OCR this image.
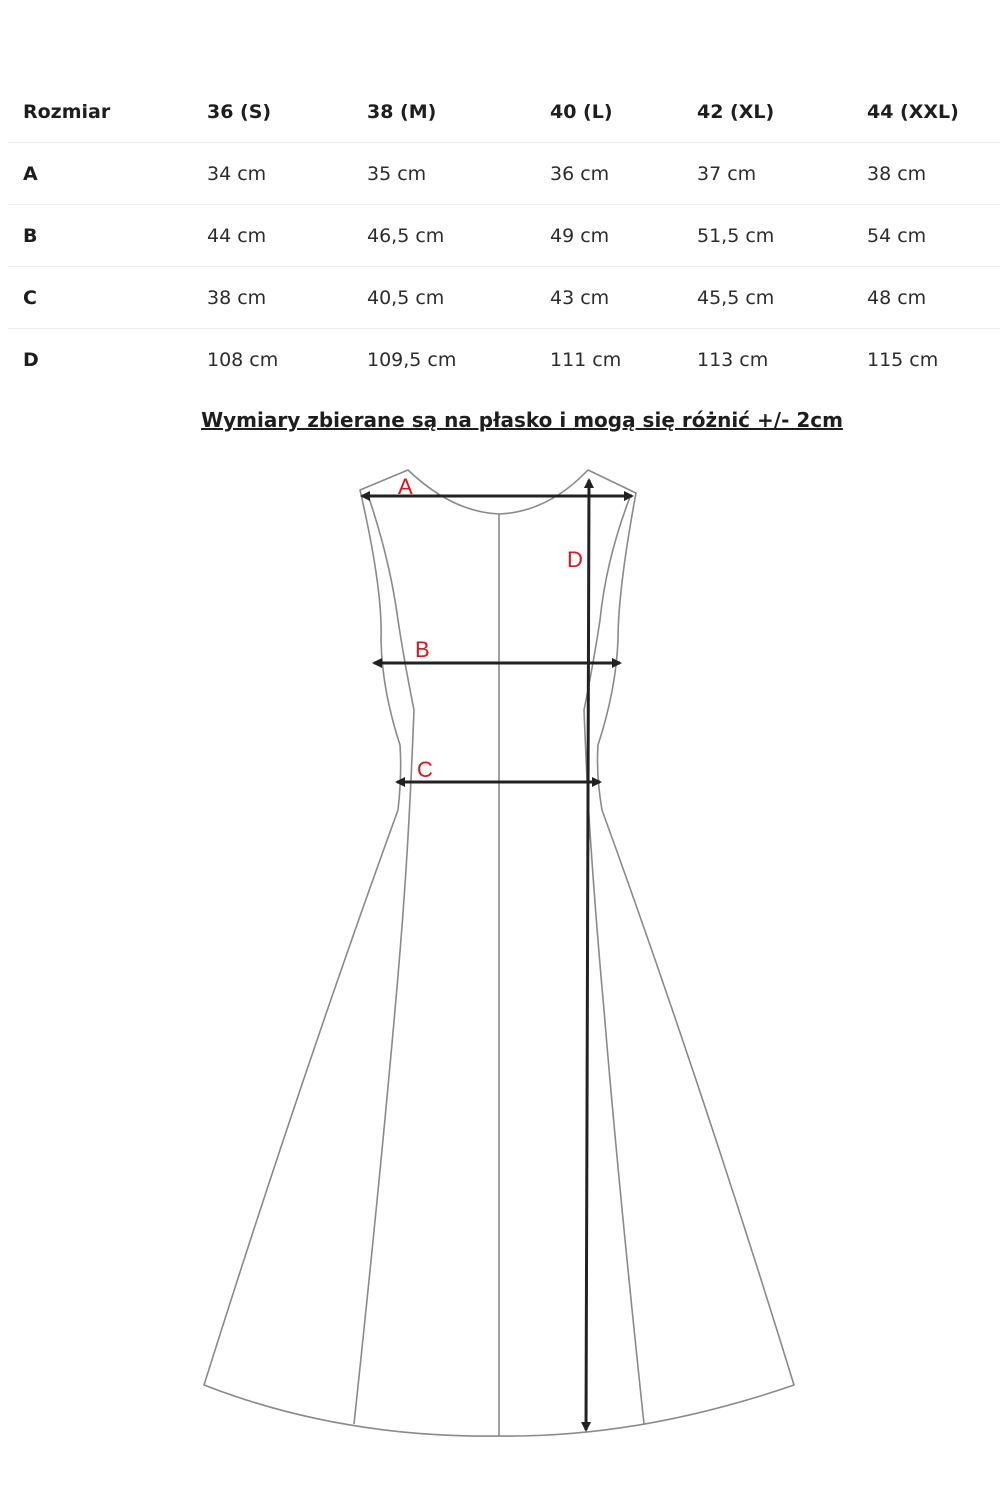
Rozmiar	36 (S)	38 (M)	40 (L)	42 (XL)	44 (XXL)
A	34 cm	35 cm	36 cm	37 cm	38 cm
B	44 cm	46,5 cm	49 cm	51,5 cm	54 cm
C	38 cm	40,5 cm	43 cm	45,5 cm	48 cm
D	108 cm	109,5 cm	111 cm	113 cm	115 cm
Wymiary zbierane są na płasko i mogą się różnić +/- 2cm
A
B
C
D
